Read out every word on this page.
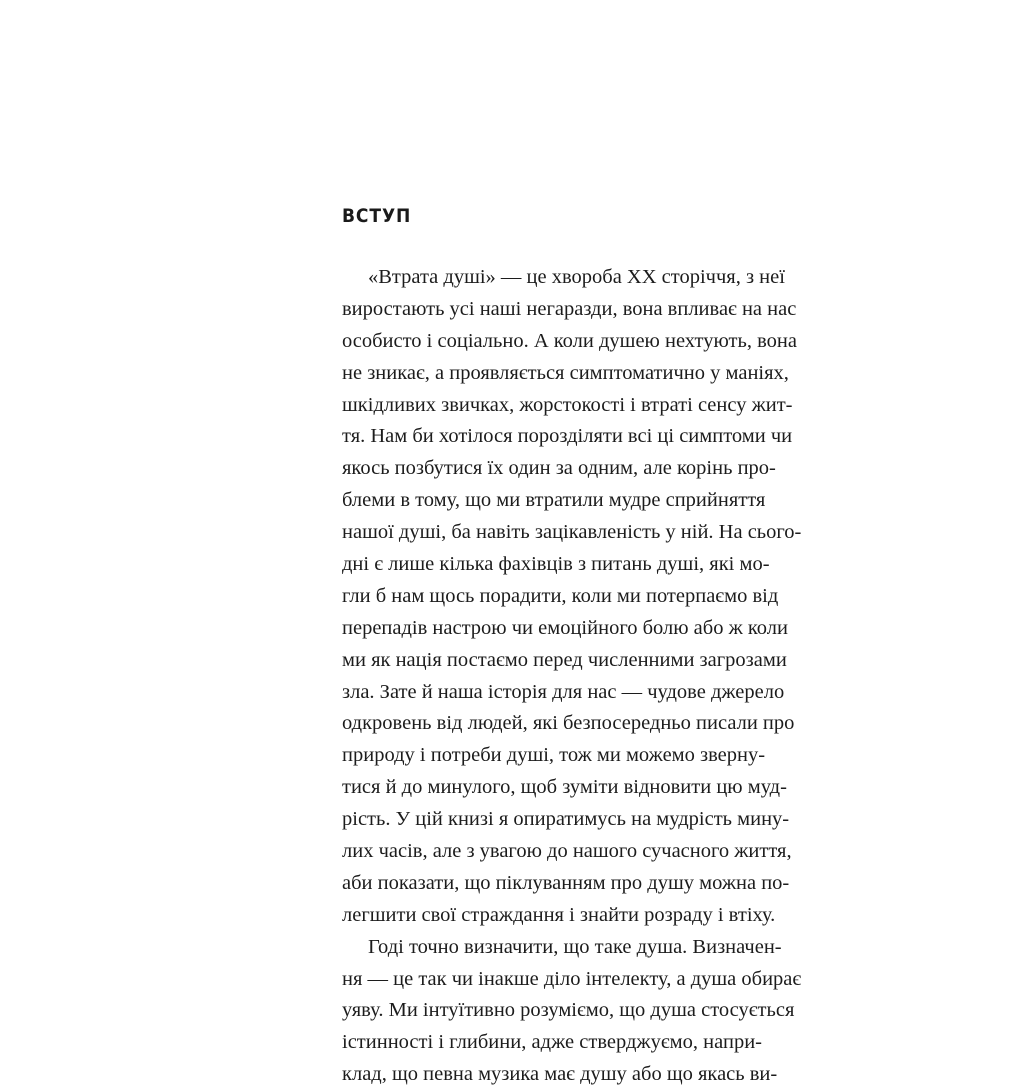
ВСТУП
«Втрата душі» — це хвороба XX сторіччя, з неї
виростають усі наші негаразди, вона впливає на нас
особисто і соціально. А коли душею нехтують, вона
не зникає, а проявляється симптоматично у маніях,
шкідливих звичках, жорстокості і втраті сенсу жит-
тя. Нам би хотілося порозділяти всі ці симптоми чи
якось позбутися їх один за одним, але корінь про-
блеми в тому, що ми втратили мудре сприйняття
нашої душі, ба навіть зацікавленість у ній. На сього-
дні є лише кілька фахівців з питань душі, які мо-
гли б нам щось порадити, коли ми потерпаємо від
перепадів настрою чи емоційного болю або ж коли
ми як нація постаємо перед численними загрозами
зла. Зате й наша історія для нас — чудове джерело
одкровень від людей, які безпосередньо писали про
природу і потреби душі, тож ми можемо зверну-
тися й до минулого, щоб зуміти відновити цю муд-
рість. У цій книзі я опиратимусь на мудрість мину-
лих часів, але з увагою до нашого сучасного життя,
аби показати, що піклуванням про душу можна по-
легшити свої страждання і знайти розраду і втіху.
Годі точно визначити, що таке душа. Визначен-
ня — це так чи інакше діло інтелекту, а душа обирає
уяву. Ми інтуїтивно розуміємо, що душа стосується
істинності і глибини, адже стверджуємо, напри-
клад, що певна музика має душу або що якась ви-
